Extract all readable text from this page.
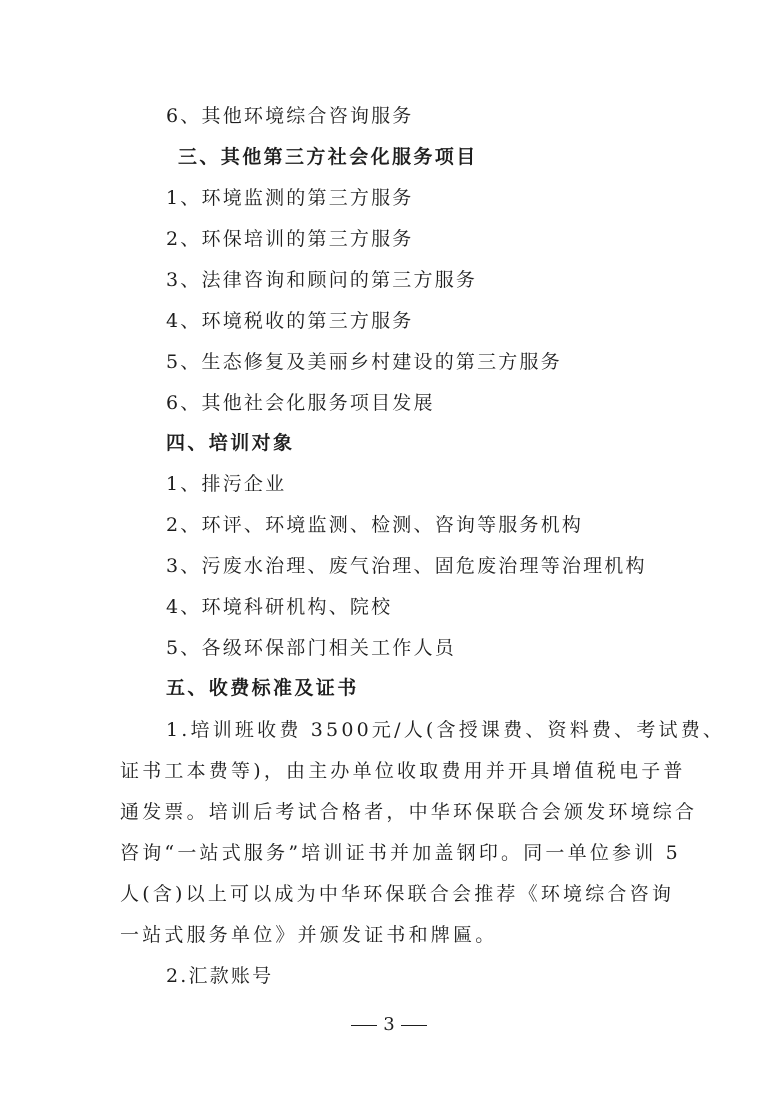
6、其他环境综合咨询服务
三、其他第三方社会化服务项目
1、环境监测的第三方服务
2、环保培训的第三方服务
3、法律咨询和顾问的第三方服务
4、环境税收的第三方服务
5、生态修复及美丽乡村建设的第三方服务
6、其他社会化服务项目发展
四、培训对象
1、排污企业
2、环评、环境监测、检测、咨询等服务机构
3、污废水治理、废气治理、固危废治理等治理机构
4、环境科研机构、院校
5、各级环保部门相关工作人员
五、收费标准及证书
1.培训班收费 3500元/人(含授课费、资料费、考试费、
证书工本费等)，由主办单位收取费用并开具增值税电子普
通发票。培训后考试合格者，中华环保联合会颁发环境综合
咨询“一站式服务”培训证书并加盖钢印。同一单位参训 5
人(含)以上可以成为中华环保联合会推荐《环境综合咨询
一站式服务单位》并颁发证书和牌匾。
2.汇款账号
3
